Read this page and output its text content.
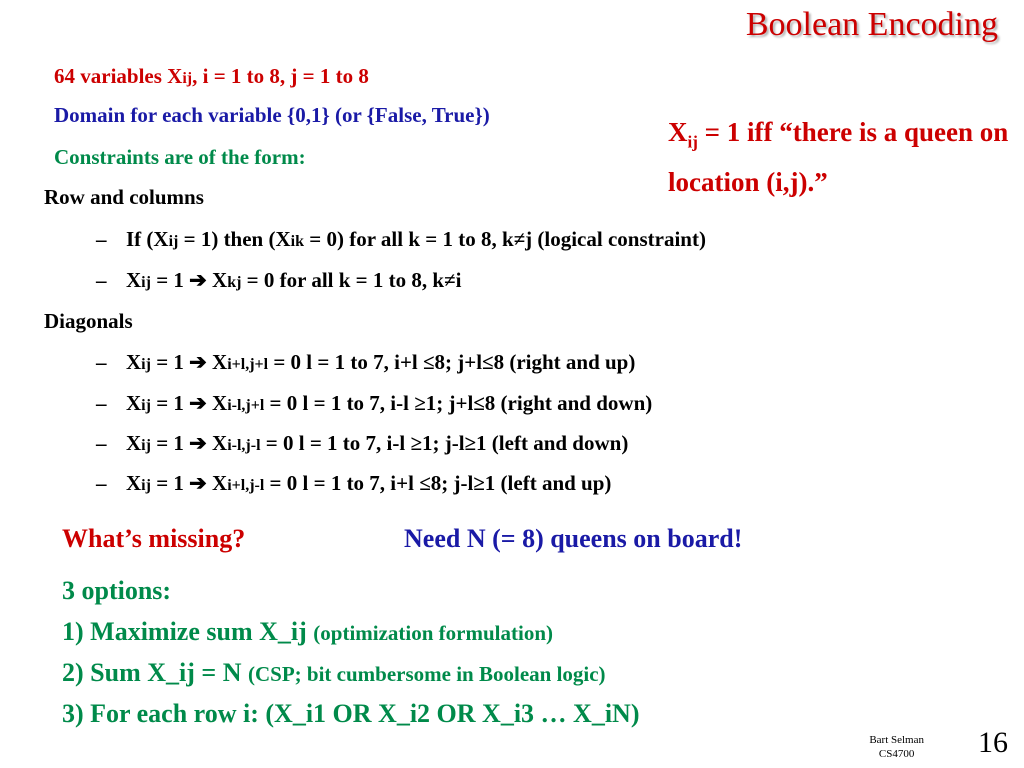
Boolean Encoding
64 variables Xij, i = 1 to 8, j = 1 to 8
Domain for each variable {0,1} (or {False, True})
Constraints are of the form:
$X_{ij} = 1$ iff “there is a queen on location (i,j).”
Row and columns
– If (Xij = 1) then (Xik = 0) for all k = 1 to 8, k≠j (logical constraint)
– Xij = 1 ➔ Xkj = 0 for all k = 1 to 8, k≠i
Diagonals
– Xij = 1 ➔ Xi+l,j+l = 0 l = 1 to 7, i+l ≤8; j+l≤8 (right and up)
– Xij = 1 ➔ Xi-l,j+l = 0 l = 1 to 7, i-l ≥1; j+l≤8 (right and down)
– Xij = 1 ➔ Xi-l,j-l = 0 l = 1 to 7, i-l ≥1; j-l≥1 (left and down)
– Xij = 1 ➔ Xi+l,j-l = 0 l = 1 to 7, i+l ≤8; j-l≥1 (left and up)
What’s missing?	Need N (= 8) queens on board!
3 options:
1) Maximize sum X_ij (optimization formulation)
2) Sum X_ij = N (CSP; bit cumbersome in Boolean logic)
3) For each row i: (X_i1 OR X_i2 OR X_i3 … X_iN)
Bart Selman
CS4700	16
